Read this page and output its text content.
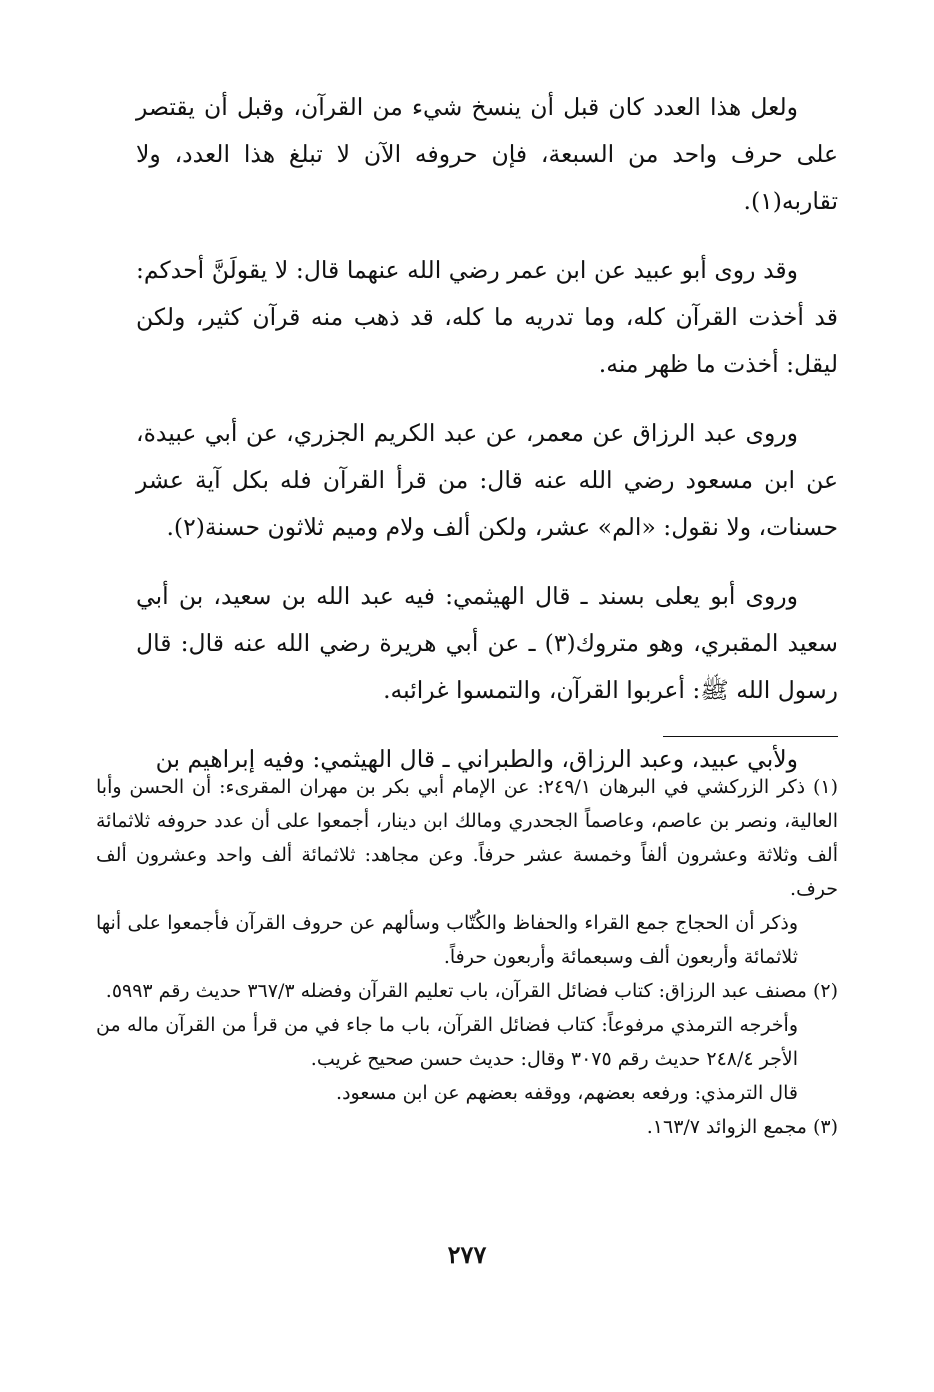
ولعل هذا العدد كان قبل أن ينسخ شيء من القرآن، وقبل أن يقتصر على حرف واحد من السبعة، فإن حروفه الآن لا تبلغ هذا العدد، ولا تقاربه(١).

وقد روى أبو عبيد عن ابن عمر رضي الله عنهما قال: لا يقولَنَّ أحدكم: قد أخذت القرآن كله، وما تدريه ما كله، قد ذهب منه قرآن كثير، ولكن ليقل: أخذت ما ظهر منه.

وروى عبد الرزاق عن معمر، عن عبد الكريم الجزري، عن أبي عبيدة، عن ابن مسعود رضي الله عنه قال: من قرأ القرآن فله بكل آية عشر حسنات، ولا نقول: «الم» عشر، ولكن ألف ولام وميم ثلاثون حسنة(٢).

وروى أبو يعلى بسند ـ قال الهيثمي: فيه عبد الله بن سعيد، بن أبي سعيد المقبري، وهو متروك(٣) ـ عن أبي هريرة رضي الله عنه قال: قال رسول الله ﷺ: أعربوا القرآن، والتمسوا غرائبه.

ولأبي عبيد، وعبد الرزاق، والطبراني ـ قال الهيثمي: وفيه إبراهيم بن

(١) ذكر الزركشي في البرهان ٢٤٩/١: عن الإمام أبي بكر بن مهران المقرىء: أن الحسن وأبا العالية، ونصر بن عاصم، وعاصماً الجحدري ومالك ابن دينار، أجمعوا على أن عدد حروفه ثلاثمائة ألف وثلاثة وعشرون ألفاً وخمسة عشر حرفاً. وعن مجاهد: ثلاثمائة ألف واحد وعشرون ألف حرف.

وذكر أن الحجاج جمع القراء والحفاظ والكُتّاب وسألهم عن حروف القرآن فأجمعوا على أنها ثلاثمائة وأربعون ألف وسبعمائة وأربعون حرفاً.

(٢) مصنف عبد الرزاق: كتاب فضائل القرآن، باب تعليم القرآن وفضله ٣٦٧/٣ حديث رقم ٥٩٩٣.

وأخرجه الترمذي مرفوعاً: كتاب فضائل القرآن، باب ما جاء في من قرأ من القرآن ماله من الأجر ٢٤٨/٤ حديث رقم ٣٠٧٥ وقال: حديث حسن صحيح غريب.

قال الترمذي: ورفعه بعضهم، ووقفه بعضهم عن ابن مسعود.

(٣) مجمع الزوائد ١٦٣/٧.

٢٧٧
